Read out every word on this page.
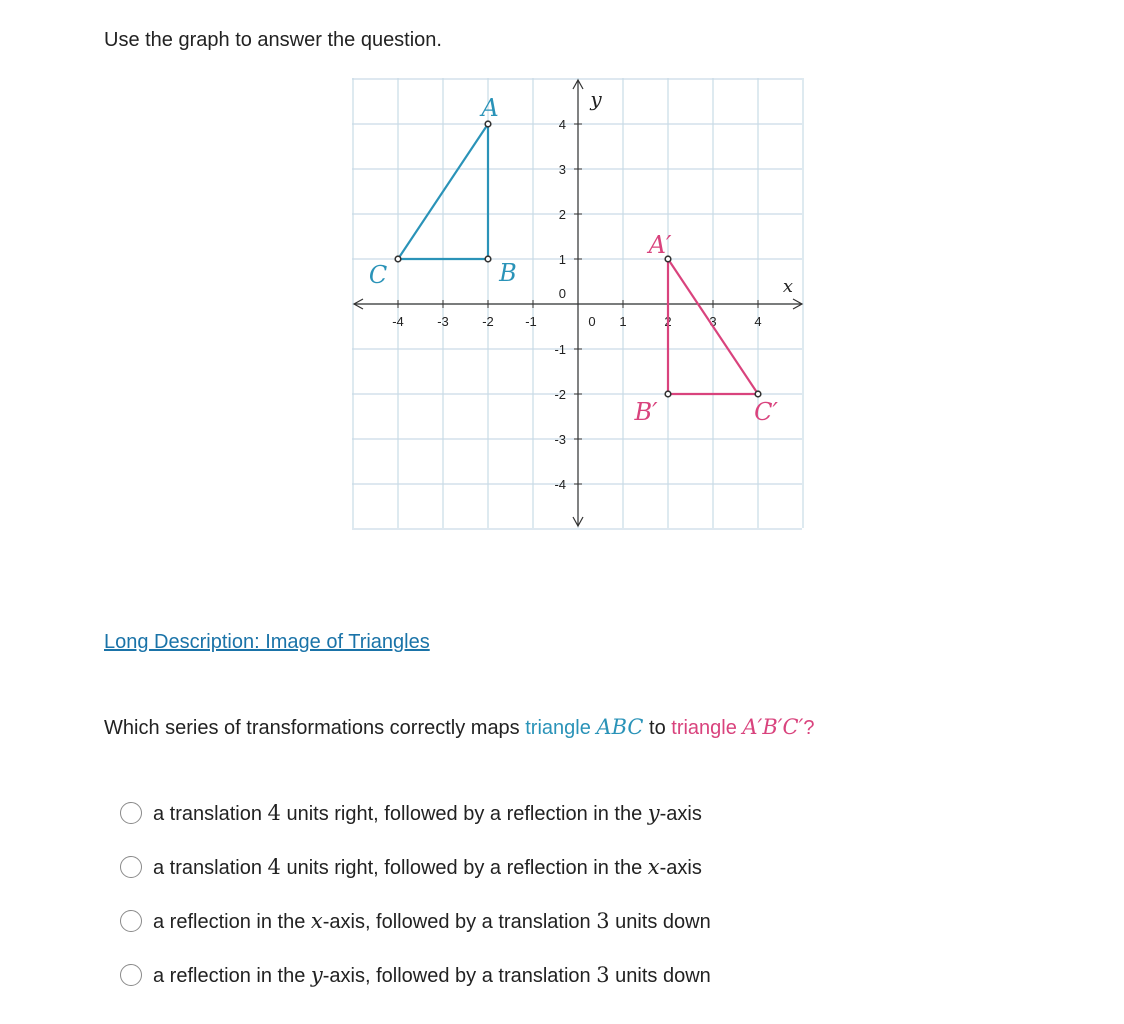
Use the graph to answer the question.
-4	-3	-2 -1	0 1	2	3	4
4
3
2
1
0
-1
-2
-3
-4
x
y
A
B
C
A′
B′	C′
Long Description: Image of Triangles

Which series of transformations correctly maps triangle ABC to triangle A′B′C′?

a translation 4 units right, followed by a reflection in the y-axis
a translation 4 units right, followed by a reflection in the x-axis
a reflection in the x-axis, followed by a translation 3 units down
a reflection in the y-axis, followed by a translation 3 units down
